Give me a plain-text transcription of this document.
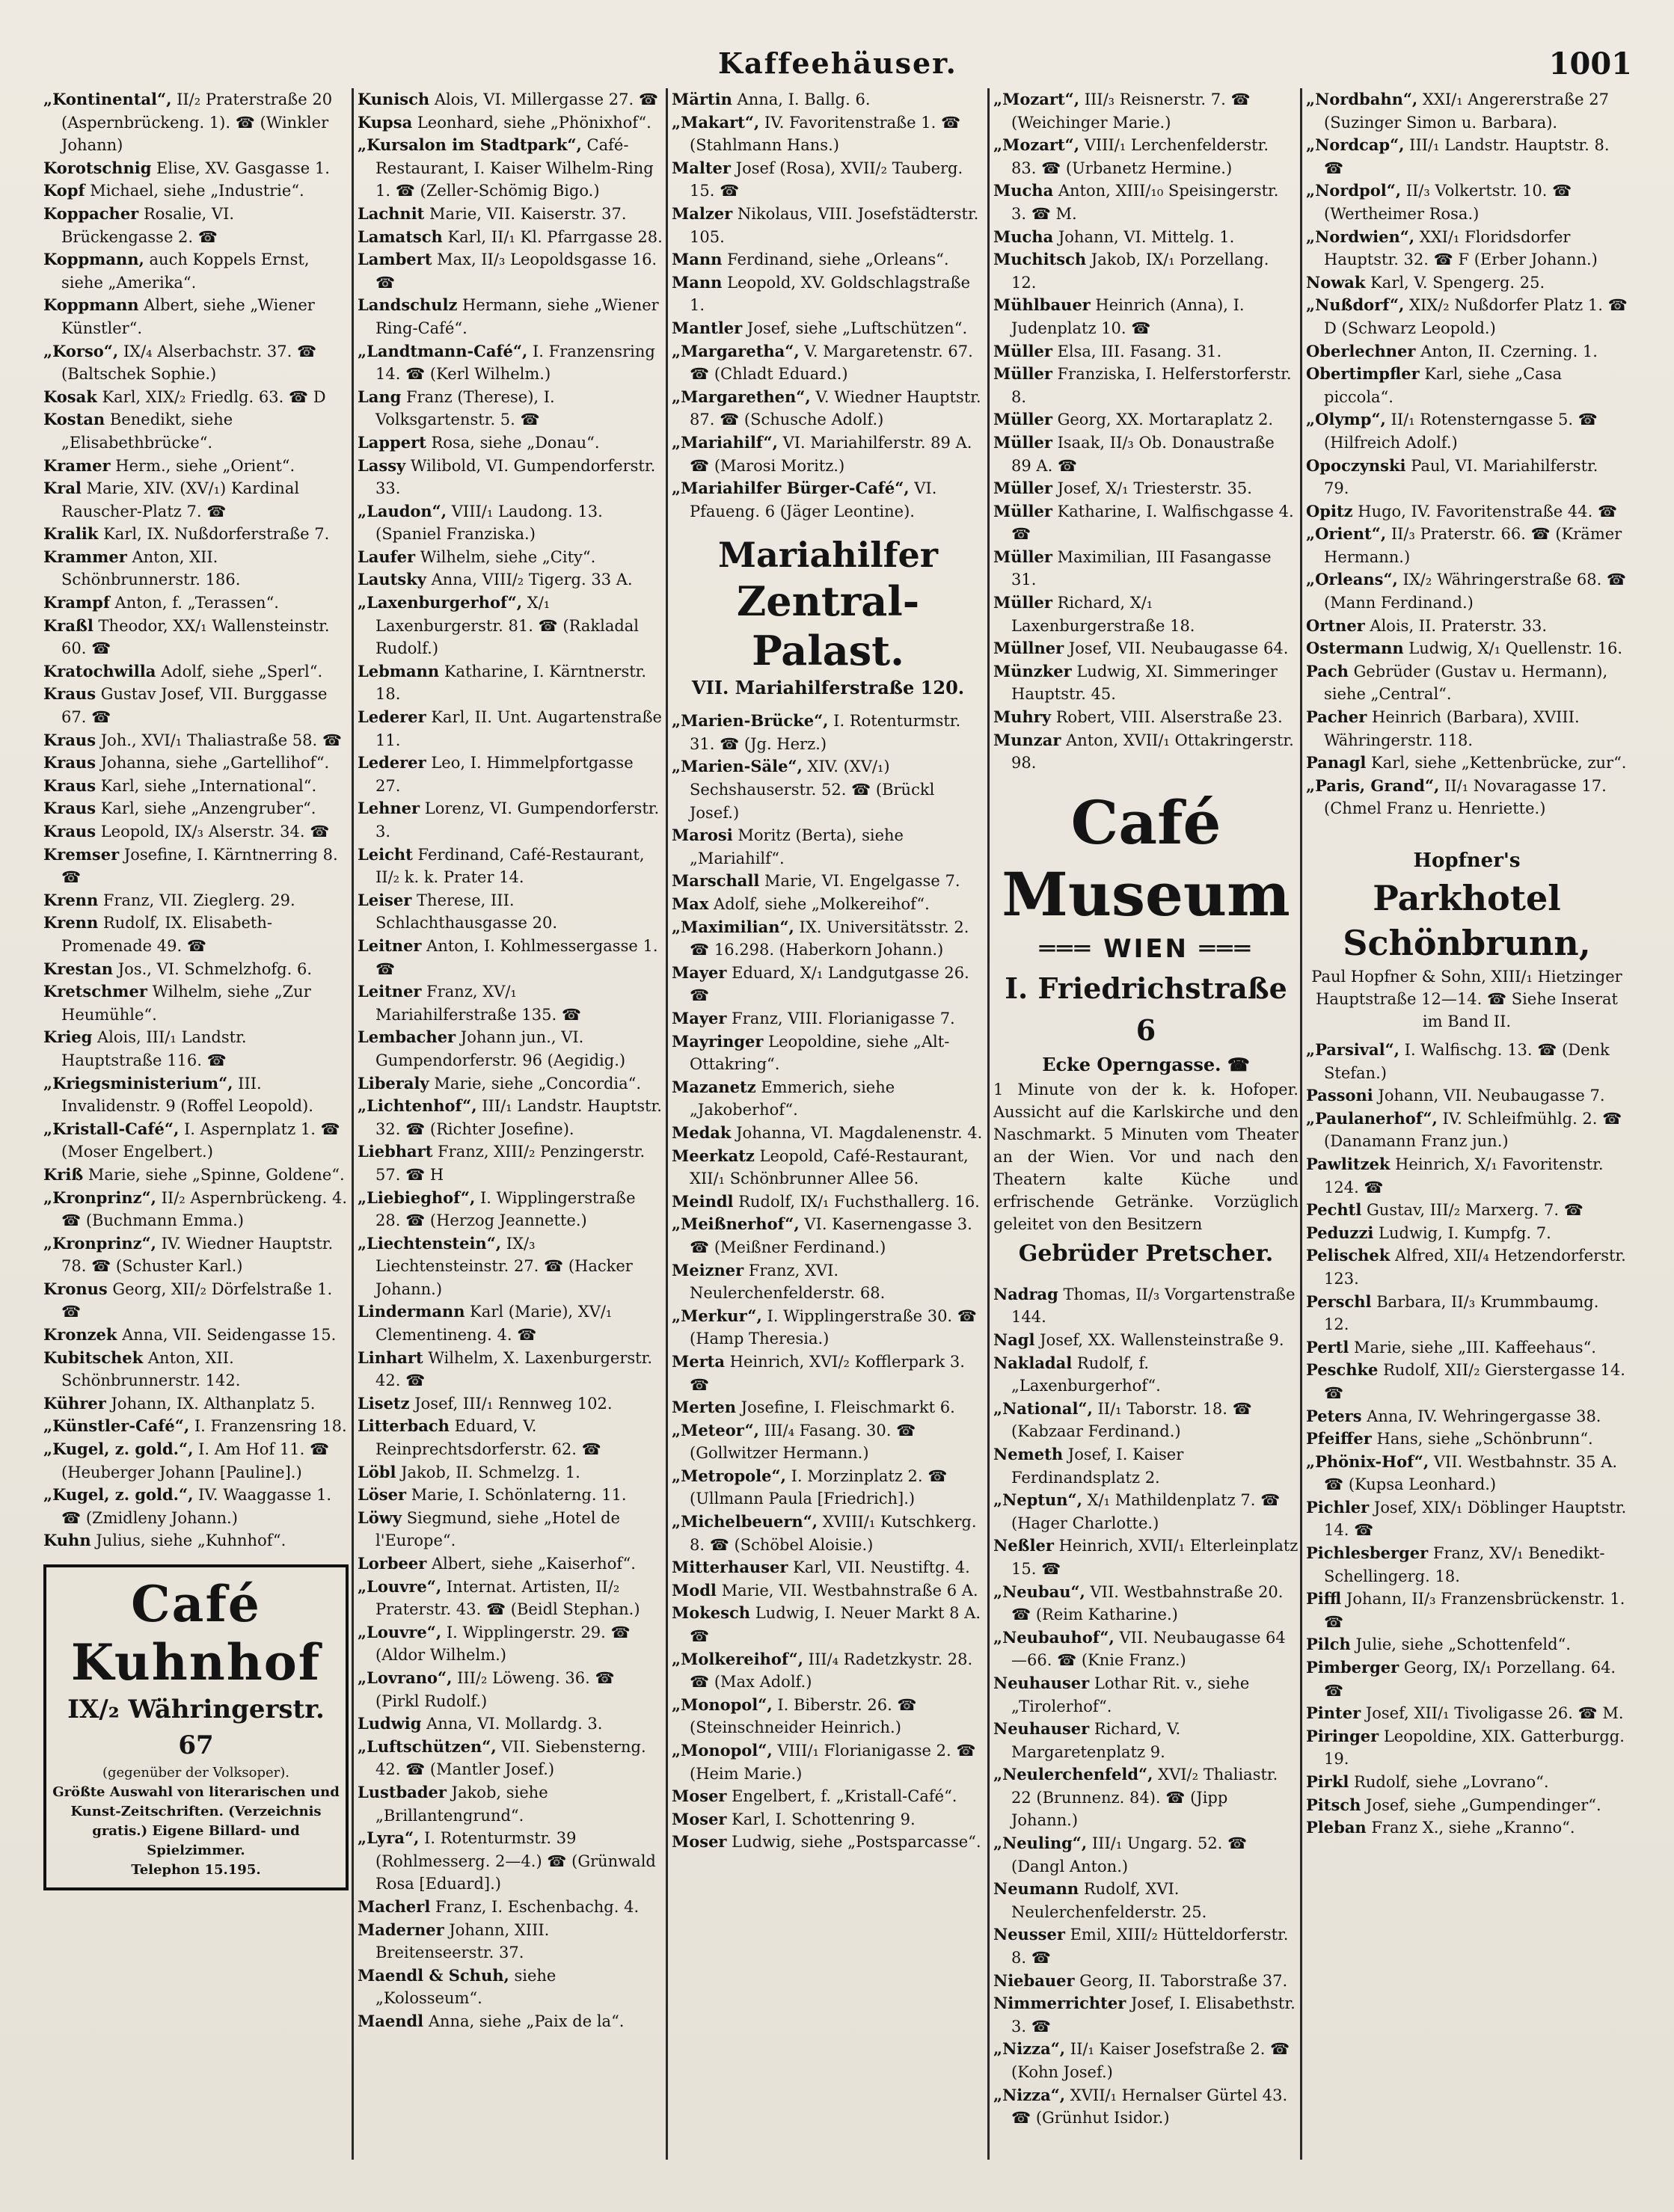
Kaffeehäuser.	1001

„Kontinental“, II/₂ Praterstraße 20 (Aspernbrückeng. 1). ☎ (Winkler Johann)

Korotschnig Elise, XV. Gasgasse 1.

Kopf Michael, siehe „Industrie“.

Koppacher Rosalie, VI. Brückengasse 2. ☎

Koppmann, auch Koppels Ernst, siehe „Amerika“.

Koppmann Albert, siehe „Wiener Künstler“.

„Korso“, IX/₄ Alserbachstr. 37. ☎ (Baltschek Sophie.)

Kosak Karl, XIX/₂ Friedlg. 63. ☎ D

Kostan Benedikt, siehe „Elisabethbrücke“.

Kramer Herm., siehe „Orient“.

Kral Marie, XIV. (XV/₁) Kardinal Rauscher-Platz 7. ☎

Kralik Karl, IX. Nußdorferstraße 7.

Krammer Anton, XII. Schönbrunnerstr. 186.

Krampf Anton, f. „Terassen“.

Kraßl Theodor, XX/₁ Wallensteinstr. 60. ☎

Kratochwilla Adolf, siehe „Sperl“.

Kraus Gustav Josef, VII. Burggasse 67. ☎

Kraus Joh., XVI/₁ Thaliastraße 58. ☎

Kraus Johanna, siehe „Gartellihof“.

Kraus Karl, siehe „International“.

Kraus Karl, siehe „Anzengruber“.

Kraus Leopold, IX/₃ Alserstr. 34. ☎

Kremser Josefine, I. Kärntnerring 8. ☎

Krenn Franz, VII. Zieglerg. 29.

Krenn Rudolf, IX. Elisabeth-Promenade 49. ☎

Krestan Jos., VI. Schmelzhofg. 6.

Kretschmer Wilhelm, siehe „Zur Heumühle“.

Krieg Alois, III/₁ Landstr. Hauptstraße 116. ☎

„Kriegsministerium“, III. Invalidenstr. 9 (Roffel Leopold).

„Kristall-Café“, I. Aspernplatz 1. ☎ (Moser Engelbert.)

Kriß Marie, siehe „Spinne, Goldene“.

„Kronprinz“, II/₂ Aspernbrückeng. 4. ☎ (Buchmann Emma.)

„Kronprinz“, IV. Wiedner Hauptstr. 78. ☎ (Schuster Karl.)

Kronus Georg, XII/₂ Dörfelstraße 1. ☎

Kronzek Anna, VII. Seidengasse 15.

Kubitschek Anton, XII. Schönbrunnerstr. 142.

Kührer Johann, IX. Althanplatz 5.

„Künstler-Café“, I. Franzensring 18.

„Kugel, z. gold.“, I. Am Hof 11. ☎ (Heuberger Johann [Pauline].)

„Kugel, z. gold.“, IV. Waaggasse 1. ☎ (Zmidleny Johann.)

Kuhn Julius, siehe „Kuhnhof“.

Café Kuhnhof
IX/₂ Währingerstr. 67
(gegenüber der Volksoper).
Größte Auswahl von literarischen und Kunst-Zeitschriften. (Verzeichnis gratis.) Eigene Billard- und Spielzimmer.
Telephon 15.195.

Kunisch Alois, VI. Millergasse 27. ☎

Kupsa Leonhard, siehe „Phönixhof“.

„Kursalon im Stadtpark“, Café-Restaurant, I. Kaiser Wilhelm-Ring 1. ☎ (Zeller-Schömig Bigo.)

Lachnit Marie, VII. Kaiserstr. 37.

Lamatsch Karl, II/₁ Kl. Pfarrgasse 28.

Lambert Max, II/₃ Leopoldsgasse 16. ☎

Landschulz Hermann, siehe „Wiener Ring-Café“.

„Landtmann-Café“, I. Franzensring 14. ☎ (Kerl Wilhelm.)

Lang Franz (Therese), I. Volksgartenstr. 5. ☎

Lappert Rosa, siehe „Donau“.

Lassy Wilibold, VI. Gumpendorferstr. 33.

„Laudon“, VIII/₁ Laudong. 13. (Spaniel Franziska.)

Laufer Wilhelm, siehe „City“.

Lautsky Anna, VIII/₂ Tigerg. 33 A.

„Laxenburgerhof“, X/₁ Laxenburgerstr. 81. ☎ (Rakladal Rudolf.)

Lebmann Katharine, I. Kärntnerstr. 18.

Lederer Karl, II. Unt. Augartenstraße 11.

Lederer Leo, I. Himmelpfortgasse 27.

Lehner Lorenz, VI. Gumpendorferstr. 3.

Leicht Ferdinand, Café-Restaurant, II/₂ k. k. Prater 14.

Leiser Therese, III. Schlachthausgasse 20.

Leitner Anton, I. Kohlmessergasse 1. ☎

Leitner Franz, XV/₁ Mariahilferstraße 135. ☎

Lembacher Johann jun., VI. Gumpendorferstr. 96 (Aegidig.)

Liberaly Marie, siehe „Concordia“.

„Lichtenhof“, III/₁ Landstr. Hauptstr. 32. ☎ (Richter Josefine).

Liebhart Franz, XIII/₂ Penzingerstr. 57. ☎ H

„Liebieghof“, I. Wipplingerstraße 28. ☎ (Herzog Jeannette.)

„Liechtenstein“, IX/₃ Liechtensteinstr. 27. ☎ (Hacker Johann.)

Lindermann Karl (Marie), XV/₁ Clementineng. 4. ☎

Linhart Wilhelm, X. Laxenburgerstr. 42. ☎

Lisetz Josef, III/₁ Rennweg 102.

Litterbach Eduard, V. Reinprechtsdorferstr. 62. ☎

Löbl Jakob, II. Schmelzg. 1.

Löser Marie, I. Schönlaterng. 11.

Löwy Siegmund, siehe „Hotel de l'Europe“.

Lorbeer Albert, siehe „Kaiserhof“.

„Louvre“, Internat. Artisten, II/₂ Praterstr. 43. ☎ (Beidl Stephan.)

„Louvre“, I. Wipplingerstr. 29. ☎ (Aldor Wilhelm.)

„Lovrano“, III/₂ Löweng. 36. ☎ (Pirkl Rudolf.)

Ludwig Anna, VI. Mollardg. 3.

„Luftschützen“, VII. Siebensterng. 42. ☎ (Mantler Josef.)

Lustbader Jakob, siehe „Brillantengrund“.

„Lyra“, I. Rotenturmstr. 39 (Rohlmesserg. 2—4.) ☎ (Grünwald Rosa [Eduard].)

Macherl Franz, I. Eschenbachg. 4.

Maderner Johann, XIII. Breitenseerstr. 37.

Maendl & Schuh, siehe „Kolosseum“.

Maendl Anna, siehe „Paix de la“.

Märtin Anna, I. Ballg. 6.

„Makart“, IV. Favoritenstraße 1. ☎ (Stahlmann Hans.)

Malter Josef (Rosa), XVII/₂ Tauberg. 15. ☎

Malzer Nikolaus, VIII. Josefstädterstr. 105.

Mann Ferdinand, siehe „Orleans“.

Mann Leopold, XV. Goldschlagstraße 1.

Mantler Josef, siehe „Luftschützen“.

„Margaretha“, V. Margaretenstr. 67. ☎ (Chladt Eduard.)

„Margarethen“, V. Wiedner Hauptstr. 87. ☎ (Schusche Adolf.)

„Mariahilf“, VI. Mariahilferstr. 89 A. ☎ (Marosi Moritz.)

„Mariahilfer Bürger-Café“, VI. Pfaueng. 6 (Jäger Leontine).

Mariahilfer
Zentral-Palast.
VII. Mariahilferstraße 120.

„Marien-Brücke“, I. Rotenturmstr. 31. ☎ (Jg. Herz.)

„Marien-Säle“, XIV. (XV/₁) Sechshauserstr. 52. ☎ (Brückl Josef.)

Marosi Moritz (Berta), siehe „Mariahilf“.

Marschall Marie, VI. Engelgasse 7.

Max Adolf, siehe „Molkereihof“.

„Maximilian“, IX. Universitätsstr. 2. ☎ 16.298. (Haberkorn Johann.)

Mayer Eduard, X/₁ Landgutgasse 26. ☎

Mayer Franz, VIII. Florianigasse 7.

Mayringer Leopoldine, siehe „Alt-Ottakring“.

Mazanetz Emmerich, siehe „Jakoberhof“.

Medak Johanna, VI. Magdalenenstr. 4.

Meerkatz Leopold, Café-Restaurant, XII/₁ Schönbrunner Allee 56.

Meindl Rudolf, IX/₁ Fuchsthallerg. 16.

„Meißnerhof“, VI. Kasernengasse 3. ☎ (Meißner Ferdinand.)

Meizner Franz, XVI. Neulerchenfelderstr. 68.

„Merkur“, I. Wipplingerstraße 30. ☎ (Hamp Theresia.)

Merta Heinrich, XVI/₂ Kofflerpark 3. ☎

Merten Josefine, I. Fleischmarkt 6.

„Meteor“, III/₄ Fasang. 30. ☎ (Gollwitzer Hermann.)

„Metropole“, I. Morzinplatz 2. ☎ (Ullmann Paula [Friedrich].)

„Michelbeuern“, XVIII/₁ Kutschkerg. 8. ☎ (Schöbel Aloisie.)

Mitterhauser Karl, VII. Neustiftg. 4.

Modl Marie, VII. Westbahnstraße 6 A.

Mokesch Ludwig, I. Neuer Markt 8 A. ☎

„Molkereihof“, III/₄ Radetzkystr. 28. ☎ (Max Adolf.)

„Monopol“, I. Biberstr. 26. ☎ (Steinschneider Heinrich.)

„Monopol“, VIII/₁ Florianigasse 2. ☎ (Heim Marie.)

Moser Engelbert, f. „Kristall-Café“.

Moser Karl, I. Schottenring 9.

Moser Ludwig, siehe „Postsparcasse“.

„Mozart“, III/₃ Reisnerstr. 7. ☎ (Weichinger Marie.)

„Mozart“, VIII/₁ Lerchenfelderstr. 83. ☎ (Urbanetz Hermine.)

Mucha Anton, XIII/₁₀ Speisingerstr. 3. ☎ M.

Mucha Johann, VI. Mittelg. 1.

Muchitsch Jakob, IX/₁ Porzellang. 12.

Mühlbauer Heinrich (Anna), I. Judenplatz 10. ☎

Müller Elsa, III. Fasang. 31.

Müller Franziska, I. Helferstorferstr. 8.

Müller Georg, XX. Mortaraplatz 2.

Müller Isaak, II/₃ Ob. Donaustraße 89 A. ☎

Müller Josef, X/₁ Triesterstr. 35.

Müller Katharine, I. Walfischgasse 4. ☎

Müller Maximilian, III Fasangasse 31.

Müller Richard, X/₁ Laxenburgerstraße 18.

Müllner Josef, VII. Neubaugasse 64.

Münzker Ludwig, XI. Simmeringer Hauptstr. 45.

Muhry Robert, VIII. Alserstraße 23.

Munzar Anton, XVII/₁ Ottakringerstr. 98.

Café Museum
═══ WIEN ═══
I. Friedrichstraße 6
Ecke Operngasse. ☎
1 Minute von der k. k. Hofoper. Aussicht auf die Karlskirche und den Naschmarkt. 5 Minuten vom Theater an der Wien. Vor und nach den Theatern kalte Küche und erfrischende Getränke. Vorzüglich geleitet von den Besitzern
Gebrüder Pretscher.

Nadrag Thomas, II/₃ Vorgartenstraße 144.

Nagl Josef, XX. Wallensteinstraße 9.

Nakladal Rudolf, f. „Laxenburgerhof“.

„National“, II/₁ Taborstr. 18. ☎ (Kabzaar Ferdinand.)

Nemeth Josef, I. Kaiser Ferdinandsplatz 2.

„Neptun“, X/₁ Mathildenplatz 7. ☎ (Hager Charlotte.)

Neßler Heinrich, XVII/₁ Elterleinplatz 15. ☎

„Neubau“, VII. Westbahnstraße 20. ☎ (Reim Katharine.)

„Neubauhof“, VII. Neubaugasse 64—66. ☎ (Knie Franz.)

Neuhauser Lothar Rit. v., siehe „Tirolerhof“.

Neuhauser Richard, V. Margaretenplatz 9.

„Neulerchenfeld“, XVI/₂ Thaliastr. 22 (Brunnenz. 84). ☎ (Jipp Johann.)

„Neuling“, III/₁ Ungarg. 52. ☎ (Dangl Anton.)

Neumann Rudolf, XVI. Neulerchenfelderstr. 25.

Neusser Emil, XIII/₂ Hütteldorferstr. 8. ☎

Niebauer Georg, II. Taborstraße 37.

Nimmerrichter Josef, I. Elisabethstr. 3. ☎

„Nizza“, II/₁ Kaiser Josefstraße 2. ☎ (Kohn Josef.)

„Nizza“, XVII/₁ Hernalser Gürtel 43. ☎ (Grünhut Isidor.)

„Nordbahn“, XXI/₁ Angererstraße 27 (Suzinger Simon u. Barbara).

„Nordcap“, III/₁ Landstr. Hauptstr. 8. ☎

„Nordpol“, II/₃ Volkertstr. 10. ☎ (Wertheimer Rosa.)

„Nordwien“, XXI/₁ Floridsdorfer Hauptstr. 32. ☎ F (Erber Johann.)

Nowak Karl, V. Spengerg. 25.

„Nußdorf“, XIX/₂ Nußdorfer Platz 1. ☎ D (Schwarz Leopold.)

Oberlechner Anton, II. Czerning. 1.

Obertimpfler Karl, siehe „Casa piccola“.

„Olymp“, II/₁ Rotensterngasse 5. ☎ (Hilfreich Adolf.)

Opoczynski Paul, VI. Mariahilferstr. 79.

Opitz Hugo, IV. Favoritenstraße 44. ☎

„Orient“, II/₃ Praterstr. 66. ☎ (Krämer Hermann.)

„Orleans“, IX/₂ Währingerstraße 68. ☎ (Mann Ferdinand.)

Ortner Alois, II. Praterstr. 33.

Ostermann Ludwig, X/₁ Quellenstr. 16.

Pach Gebrüder (Gustav u. Hermann), siehe „Central“.

Pacher Heinrich (Barbara), XVIII. Währingerstr. 118.

Panagl Karl, siehe „Kettenbrücke, zur“.

„Paris, Grand“, II/₁ Novaragasse 17. (Chmel Franz u. Henriette.)

Hopfner's
Parkhotel Schönbrunn,
Paul Hopfner & Sohn, XIII/₁ Hietzinger Hauptstraße 12—14. ☎ Siehe Inserat im Band II.

„Parsival“, I. Walfischg. 13. ☎ (Denk Stefan.)

Passoni Johann, VII. Neubaugasse 7.

„Paulanerhof“, IV. Schleifmühlg. 2. ☎ (Danamann Franz jun.)

Pawlitzek Heinrich, X/₁ Favoritenstr. 124. ☎

Pechtl Gustav, III/₂ Marxerg. 7. ☎

Peduzzi Ludwig, I. Kumpfg. 7.

Pelischek Alfred, XII/₄ Hetzendorferstr. 123.

Perschl Barbara, II/₃ Krummbaumg. 12.

Pertl Marie, siehe „III. Kaffeehaus“.

Peschke Rudolf, XII/₂ Gierstergasse 14. ☎

Peters Anna, IV. Wehringergasse 38.

Pfeiffer Hans, siehe „Schönbrunn“.

„Phönix-Hof“, VII. Westbahnstr. 35 A. ☎ (Kupsa Leonhard.)

Pichler Josef, XIX/₁ Döblinger Hauptstr. 14. ☎

Pichlesberger Franz, XV/₁ Benedikt-Schellingerg. 18.

Piffl Johann, II/₃ Franzensbrückenstr. 1. ☎

Pilch Julie, siehe „Schottenfeld“.

Pimberger Georg, IX/₁ Porzellang. 64. ☎

Pinter Josef, XII/₁ Tivoligasse 26. ☎ M.

Piringer Leopoldine, XIX. Gatterburgg. 19.

Pirkl Rudolf, siehe „Lovrano“.

Pitsch Josef, siehe „Gumpendinger“.

Pleban Franz X., siehe „Kranno“.
